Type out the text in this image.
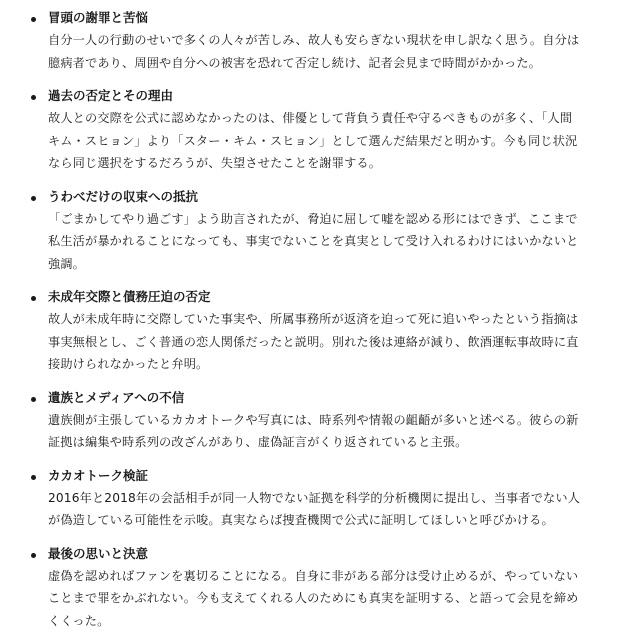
冒頭の謝罪と苦悩
自分一人の行動のせいで多くの人々が苦しみ、故人も安らぎない現状を申し訳なく思う。自分は臆病者であり、周囲や自分への被害を恐れて否定し続け、記者会見まで時間がかかった。
過去の否定とその理由
故人との交際を公式に認めなかったのは、俳優として背負う責任や守るべきものが多く、「人間キム・スヒョン」より「スター・キム・スヒョン」として選んだ結果だと明かす。今も同じ状況なら同じ選択をするだろうが、失望させたことを謝罪する。
うわべだけの収束への抵抗
「ごまかしてやり過ごす」よう助言されたが、脅迫に屈して嘘を認める形にはできず、ここまで私生活が暴かれることになっても、事実でないことを真実として受け入れるわけにはいかないと強調。
未成年交際と債務圧迫の否定
故人が未成年時に交際していた事実や、所属事務所が返済を迫って死に追いやったという指摘は事実無根とし、ごく普通の恋人関係だったと説明。別れた後は連絡が減り、飲酒運転事故時に直接助けられなかったと弁明。
遺族とメディアへの不信
遺族側が主張しているカカオトークや写真には、時系列や情報の齟齬が多いと述べる。彼らの新証拠は編集や時系列の改ざんがあり、虚偽証言がくり返されていると主張。
カカオトーク検証
2016年と2018年の会話相手が同一人物でない証拠を科学的分析機関に提出し、当事者でない人が偽造している可能性を示唆。真実ならば捜査機関で公式に証明してほしいと呼びかける。
最後の思いと決意
虚偽を認めればファンを裏切ることになる。自身に非がある部分は受け止めるが、やっていないことまで罪をかぶれない。今も支えてくれる人のためにも真実を証明する、と語って会見を締めくくった。
